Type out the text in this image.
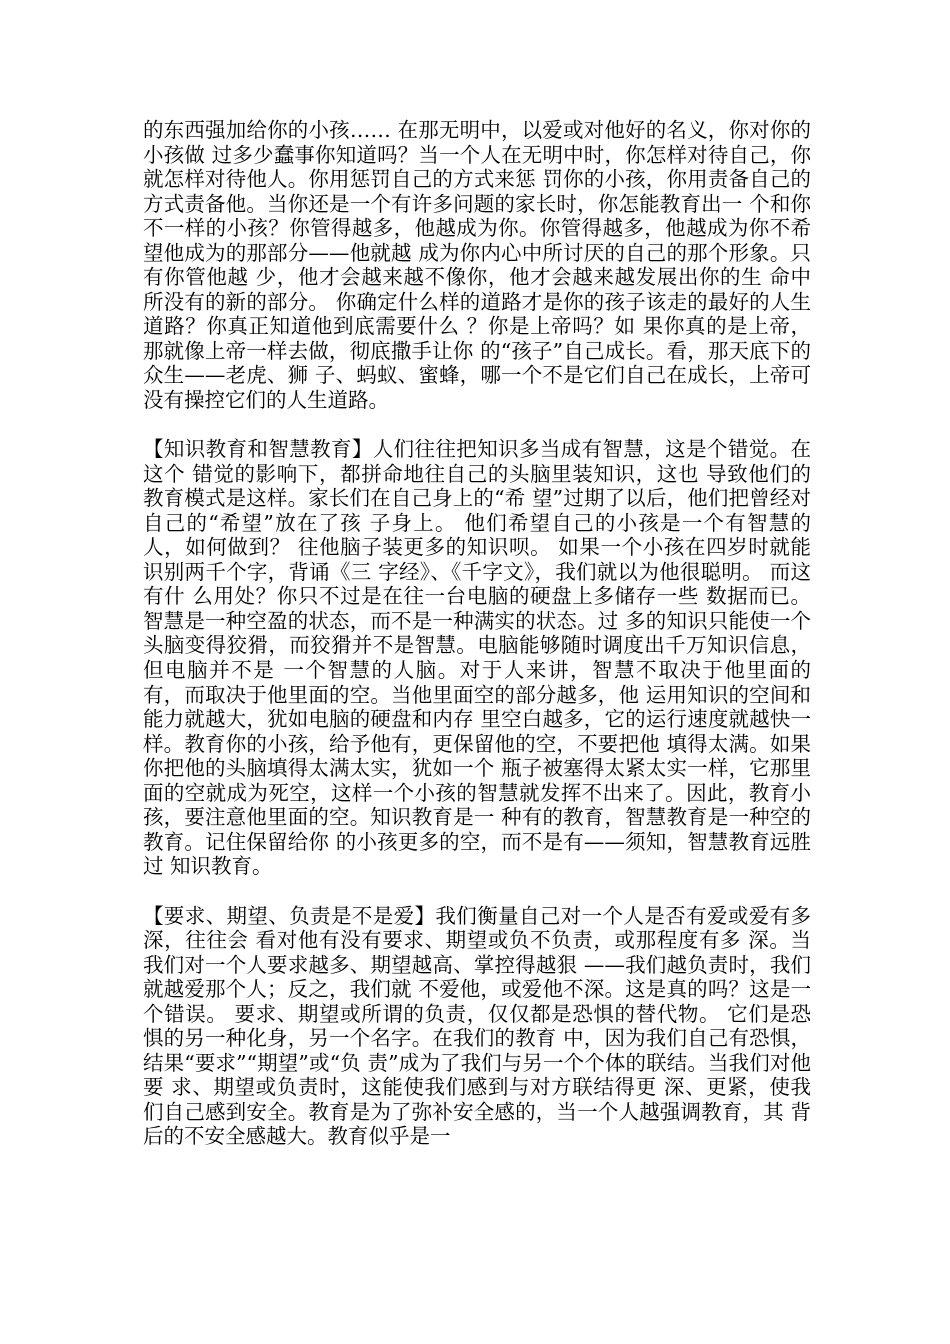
的东西强加给你的小孩…… 在那无明中，以爱或对他好的名义，你对你的小孩做 过多少蠢事你知道吗？当一个人在无明中时，你怎样对待自己，你就怎样对待他人。你用惩罚自己的方式来惩 罚你的小孩，你用责备自己的方式责备他。当你还是一个有许多问题的家长时，你怎能教育出一 个和你不一样的小孩？你管得越多，他越成为你。你管得越多，他越成为你不希望他成为的那部分——他就越 成为你内心中所讨厌的自己的那个形象。只有你管他越 少，他才会越来越不像你，他才会越来越发展出你的生 命中所没有的新的部分。 你确定什么样的道路才是你的孩子该走的最好的人生 道路？你真正知道他到底需要什么 ？你是上帝吗？如 果你真的是上帝，那就像上帝一样去做，彻底撒手让你 的“孩子”自己成长。看，那天底下的众生——老虎、狮 子、蚂蚁、蜜蜂，哪一个不是它们自己在成长，上帝可 没有操控它们的人生道路。

【知识教育和智慧教育】人们往往把知识多当成有智慧，这是个错觉。在这个 错觉的影响下，都拼命地往自己的头脑里装知识，这也 导致他们的教育模式是这样。家长们在自己身上的“希 望”过期了以后，他们把曾经对自己的“希望”放在了孩 子身上。 他们希望自己的小孩是一个有智慧的人，如何做到？ 往他脑子装更多的知识呗。 如果一个小孩在四岁时就能识别两千个字，背诵《三 字经》、《千字文》，我们就以为他很聪明。 而这有什 么用处？你只不过是在往一台电脑的硬盘上多储存一些 数据而已。 智慧是一种空盈的状态，而不是一种满实的状态。过 多的知识只能使一个头脑变得狡猾，而狡猾并不是智慧。电脑能够随时调度出千万知识信息，但电脑并不是 一个智慧的人脑。对于人来讲，智慧不取决于他里面的 有，而取决于他里面的空。当他里面空的部分越多，他 运用知识的空间和能力就越大，犹如电脑的硬盘和内存 里空白越多，它的运行速度就越快一样。教育你的小孩，给予他有，更保留他的空，不要把他 填得太满。如果你把他的头脑填得太满太实，犹如一个 瓶子被塞得太紧太实一样，它那里面的空就成为死空，这样一个小孩的智慧就发挥不出来了。因此，教育小孩，要注意他里面的空。知识教育是一 种有的教育，智慧教育是一种空的教育。记住保留给你 的小孩更多的空，而不是有——须知，智慧教育远胜过 知识教育。

【要求、期望、负责是不是爱】我们衡量自己对一个人是否有爱或爱有多深，往往会 看对他有没有要求、期望或负不负责，或那程度有多 深。当我们对一个人要求越多、期望越高、掌控得越狠 ——我们越负责时，我们就越爱那个人；反之，我们就 不爱他，或爱他不深。这是真的吗？这是一个错误。 要求、期望或所谓的负责，仅仅都是恐惧的替代物。 它们是恐惧的另一种化身，另一个名字。在我们的教育 中，因为我们自己有恐惧，结果“要求”“期望”或“负 责”成为了我们与另一个个体的联结。当我们对他要 求、期望或负责时，这能使我们感到与对方联结得更 深、更紧，使我们自己感到安全。教育是为了弥补安全感的，当一个人越强调教育，其 背后的不安全感越大。教育似乎是一
